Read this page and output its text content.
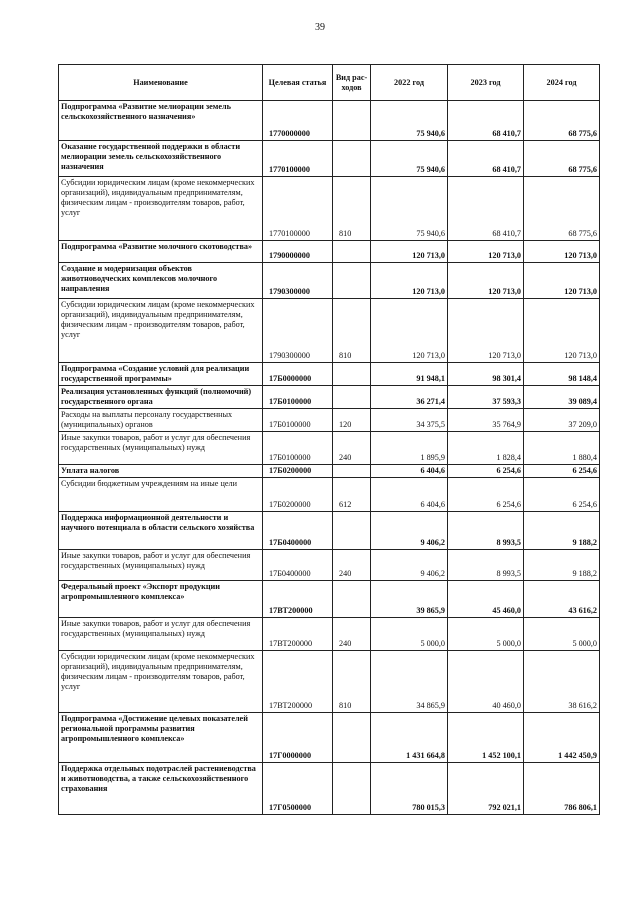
39
Наименование	Целевая статья	Вид рас-ходов	2022 год	2023 год	2024 год
Подпрограмма «Развитие мелиорации земель сельскохозяйственного назначения»	1770000000		75 940,6	68 410,7	68 775,6
Оказание государственной поддержки в области мелиорации земель сельскохозяйственного назначения	1770100000		75 940,6	68 410,7	68 775,6
Субсидии юридическим лицам (кроме некоммерческих организаций), индивидуальным предпринимателям, физическим лицам - производителям товаров, работ, услуг	1770100000	810	75 940,6	68 410,7	68 775,6
Подпрограмма «Развитие молочного скотоводства»	1790000000		120 713,0	120 713,0	120 713,0
Создание и модернизация объектов животноводческих комплексов молочного направления	1790300000		120 713,0	120 713,0	120 713,0
Субсидии юридическим лицам (кроме некоммерческих организаций), индивидуальным предпринимателям, физическим лицам - производителям товаров, работ, услуг	1790300000	810	120 713,0	120 713,0	120 713,0
Подпрограмма «Создание условий для реализации государственной программы»	17Б0000000		91 948,1	98 301,4	98 148,4
Реализация установленных функций (полномочий) государственного органа	17Б0100000		36 271,4	37 593,3	39 089,4
Расходы на выплаты персоналу государственных (муниципальных) органов	17Б0100000	120	34 375,5	35 764,9	37 209,0
Иные закупки товаров, работ и услуг для обеспечения государственных (муниципальных) нужд	17Б0100000	240	1 895,9	1 828,4	1 880,4
Уплата налогов	17Б0200000		6 404,6	6 254,6	6 254,6
Субсидии бюджетным учреждениям на иные цели	17Б0200000	612	6 404,6	6 254,6	6 254,6
Поддержка информационной деятельности и научного потенциала в области сельского хозяйства	17Б0400000		9 406,2	8 993,5	9 188,2
Иные закупки товаров, работ и услуг для обеспечения государственных (муниципальных) нужд	17Б0400000	240	9 406,2	8 993,5	9 188,2
Федеральный проект «Экспорт продукции агропромышленного комплекса»	17ВТ200000		39 865,9	45 460,0	43 616,2
Иные закупки товаров, работ и услуг для обеспечения государственных (муниципальных) нужд	17ВТ200000	240	5 000,0	5 000,0	5 000,0
Субсидии юридическим лицам (кроме некоммерческих организаций), индивидуальным предпринимателям, физическим лицам - производителям товаров, работ, услуг	17ВТ200000	810	34 865,9	40 460,0	38 616,2
Подпрограмма «Достижение целевых показателей региональной программы развития агропромышленного комплекса»	17Г0000000		1 431 664,8	1 452 100,1	1 442 450,9
Поддержка отдельных подотраслей растениеводства и животноводства, а также сельскохозяйственного страхования	17Г0500000		780 015,3	792 021,1	786 806,1
